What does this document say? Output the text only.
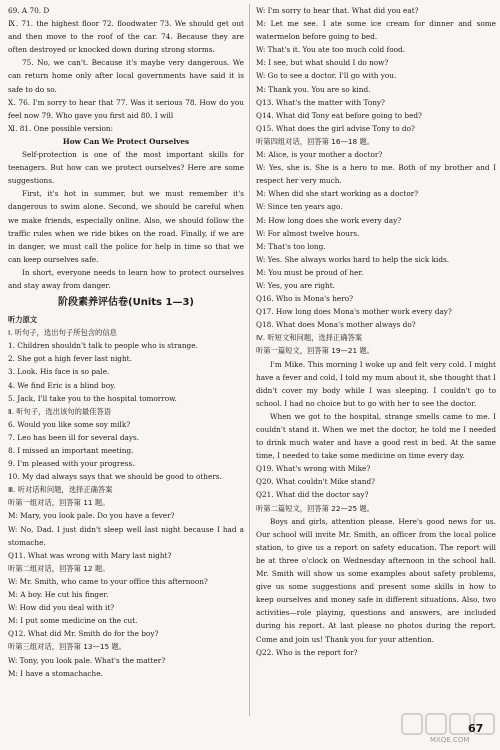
69. A 70. D
Ⅸ. 71. the highest floor 72. floodwater 73. We should get out and then move to the roof of the car. 74. Because they are often destroyed or knocked down during strong storms.
75. No, we can't. Because it's maybe very dangerous. We can return home only after local governments have said it is safe to do so.
Ⅹ. 76. I'm sorry to hear that 77. Was it serious 78. How do you feel now 79. Who gave you first aid 80. I will
Ⅺ. 81. One possible version:
How Can We Protect Ourselves
Self-protection is one of the most important skills for teenagers. But how can we protect ourselves? Here are some suggestions.
First, it's hot in summer, but we must remember it's dangerous to swim alone. Second, we should be careful when we make friends, especially online. Also, we should follow the traffic rules when we ride bikes on the road. Finally, if we are in danger, we must call the police for help in time so that we can keep ourselves safe.
In short, everyone needs to learn how to protect ourselves and stay away from danger.
阶段素养评估卷(Units 1—3)
听力原文
Ⅰ. 听句子，选出句子所包含的信息
1. Children shouldn't talk to people who is strange.
2. She got a high fever last night.
3. Look. His face is so pale.
4. We find Eric is a blind boy.
5. Jack, I'll take you to the hospital tomorrow.
Ⅱ. 听句子，选出该句的最佳答语
6. Would you like some soy milk?
7. Leo has been ill for several days.
8. I missed an important meeting.
9. I'm pleased with your progress.
10. My dad always says that we should be good to others.
Ⅲ. 听对话和问题，选择正确答案
听第一组对话，回答第 11 题。
M: Mary, you look pale. Do you have a fever?
W: No, Dad. I just didn't sleep well last night because I had a stomache.
Q11. What was wrong with Mary last night?
听第二组对话，回答第 12 题。
W: Mr. Smith, who came to your office this afternoon?
M: A boy. He cut his finger.
W: How did you deal with it?
M: I put some medicine on the cut.
Q12. What did Mr. Smith do for the boy?
听第三组对话，回答第 13—15 题。
W: Tony, you look pale. What's the matter?
M: I have a stomachache.
W: I'm sorry to hear that. What did you eat?
M: Let me see. I ate some ice cream for dinner and some watermelon before going to bed.
W: That's it. You ate too much cold food.
M: I see, but what should I do now?
W: Go to see a doctor. I'll go with you.
M: Thank you. You are so kind.
Q13. What's the matter with Tony?
Q14. What did Tony eat before going to bed?
Q15. What does the girl advise Tony to do?
听第四组对话，回答第 16—18 题。
M: Alice, is your mother a doctor?
W: Yes, she is. She is a hero to me. Both of my brother and I respect her very much.
M: When did she start working as a doctor?
W: Since ten years ago.
M: How long does she work every day?
W: For almost twelve hours.
M: That's too long.
W: Yes. She always works hard to help the sick kids.
M: You must be proud of her.
W: Yes, you are right.
Q16. Who is Mona's hero?
Q17. How long does Mona's mother work every day?
Q18. What does Mona's mother always do?
Ⅳ. 听短文和问题，选择正确答案
听第一篇短文，回答第 19—21 题。
I'm Mike. This morning I woke up and felt very cold. I might have a fever and cold, I told my mum about it, she thought that I didn't cover my body while I was sleeping. I couldn't go to school. I had no choice but to go with her to see the doctor.
When we got to the hospital, strange smells came to me. I couldn't stand it. When we met the doctor, he told me I needed to drink much water and have a good rest in bed. At the same time, I needed to take some medicine on time every day.
Q19. What's wrong with Mike?
Q20. What couldn't Mike stand?
Q21. What did the doctor say?
听第二篇短文，回答第 22—25 题。
Boys and girls, attention please. Here's good news for us. Our school will invite Mr. Smith, an officer from the local police station, to give us a report on safety education. The report will be at three o'clock on Wednesday afternoon in the school hall. Mr. Smith will show us some examples about safety problems, give us some suggestions and present some skills in how to keep ourselves and money safe in different situations. Also, two activities—role playing, questions and answers, are included during his report. At last please no photos during the report. Come and join us! Thank you for your attention.
Q22. Who is the report for?
MXQE.COM
67
